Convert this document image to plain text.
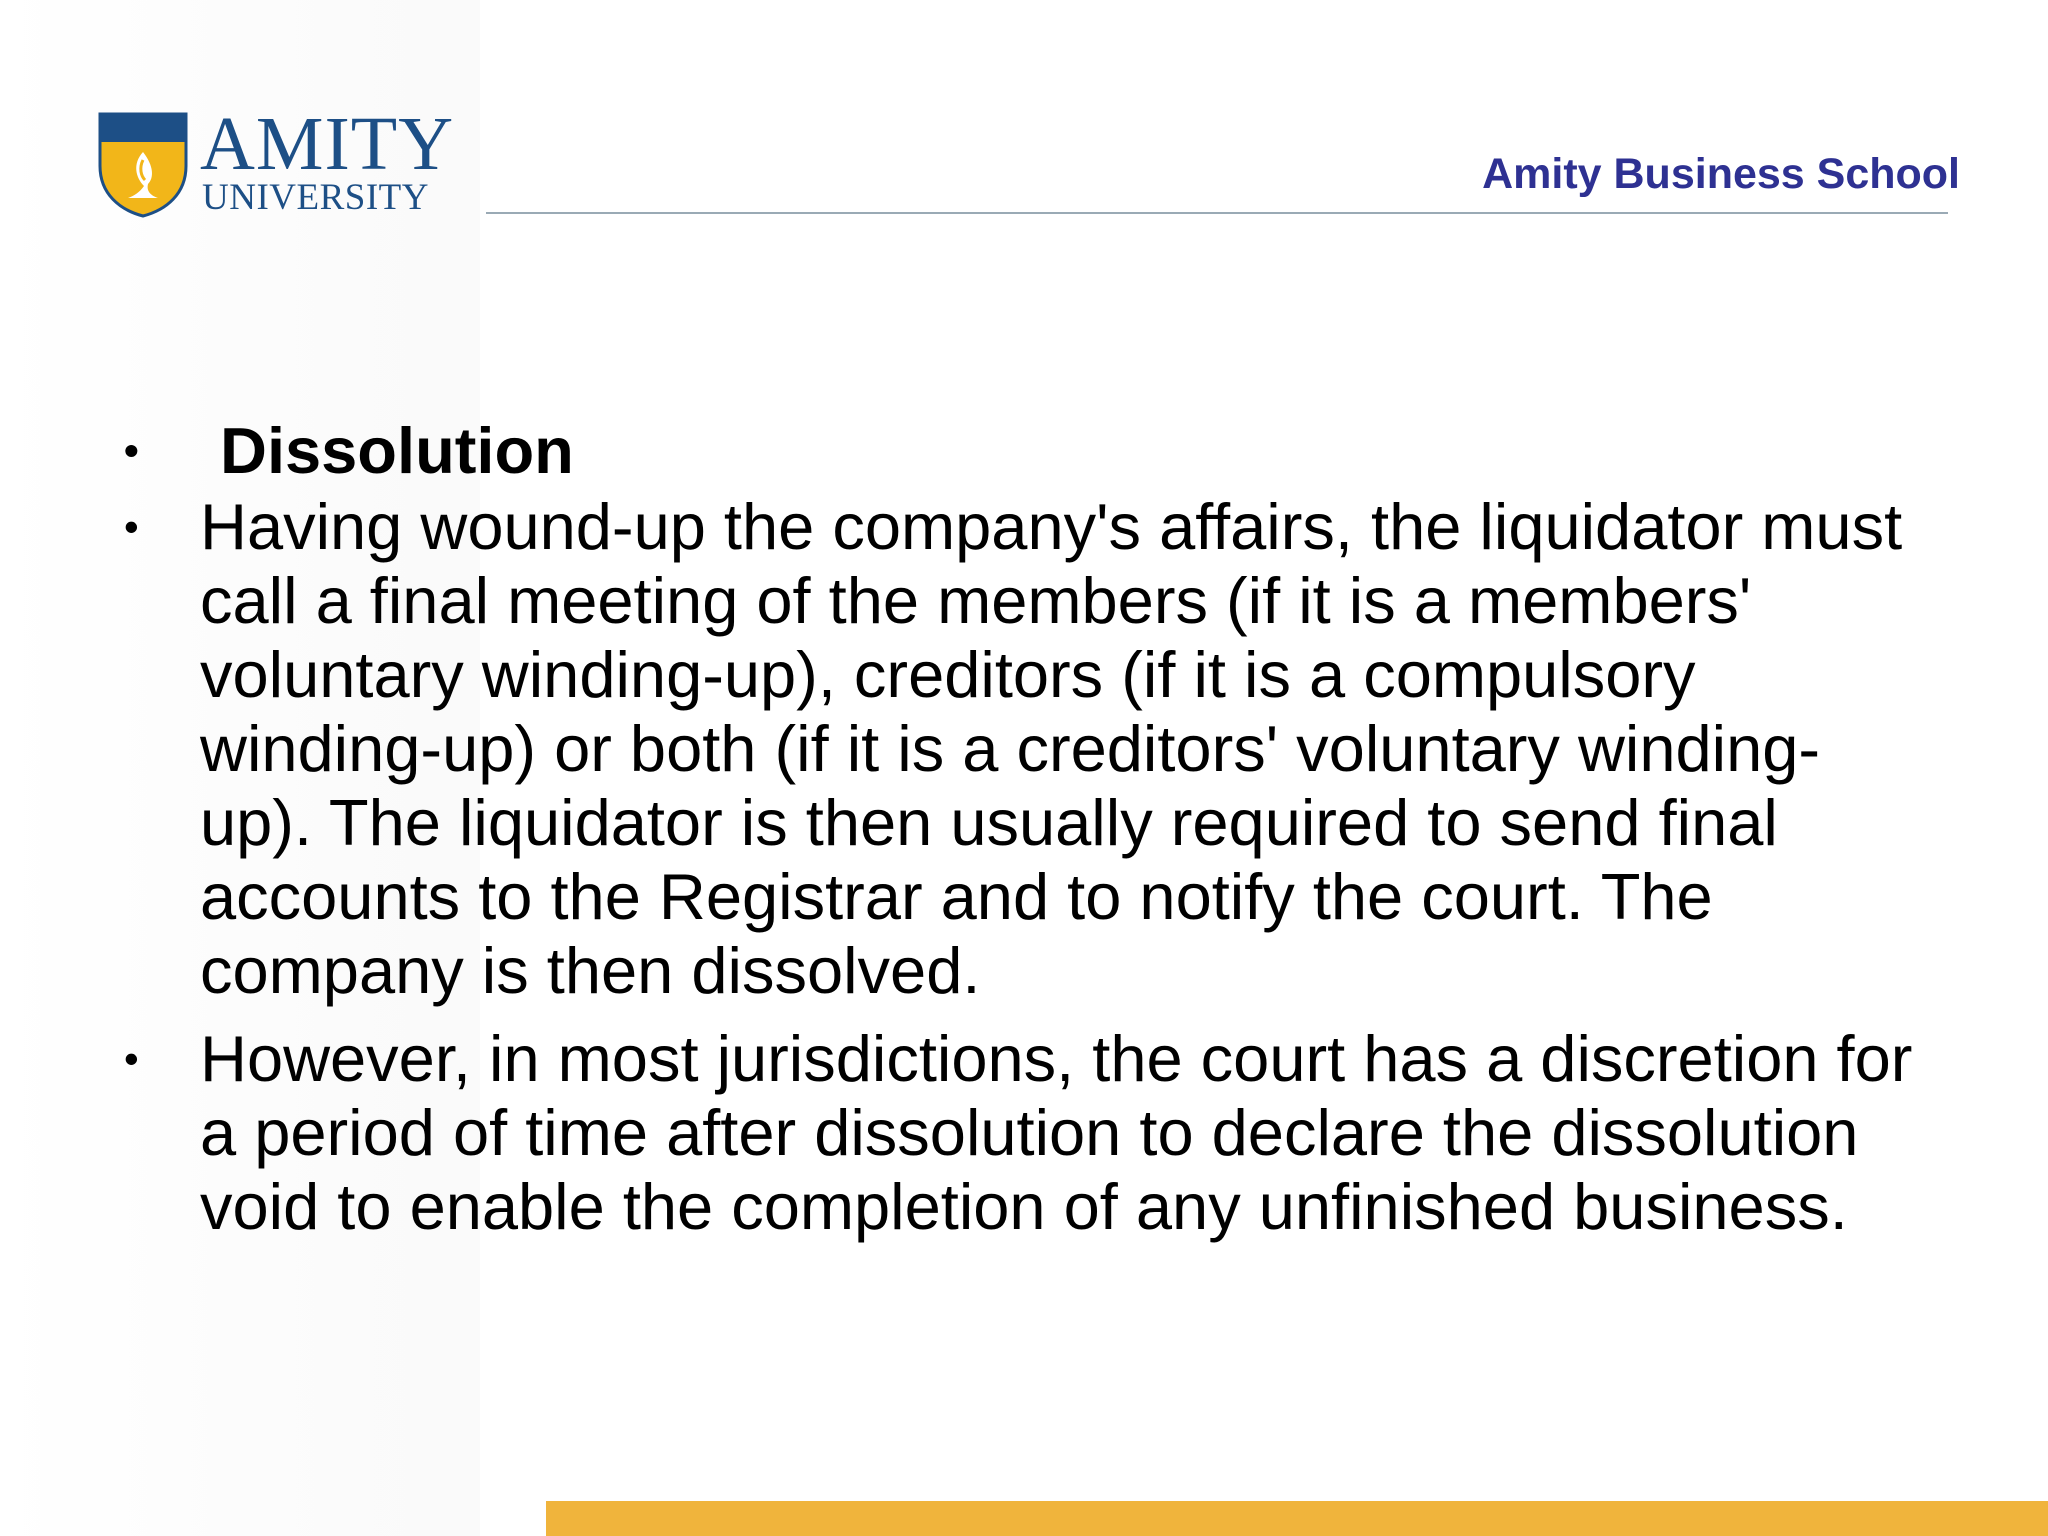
AMITY
UNIVERSITY	Amity Business School
• Dissolution
• Having wound-up the company's affairs, the liquidator must call a final meeting of the members (if it is a members' voluntary winding-up), creditors (if it is a compulsory winding-up) or both (if it is a creditors' voluntary winding-up). The liquidator is then usually required to send final accounts to the Registrar and to notify the court. The company is then dissolved.
• However, in most jurisdictions, the court has a discretion for a period of time after dissolution to declare the dissolution void to enable the completion of any unfinished business.
